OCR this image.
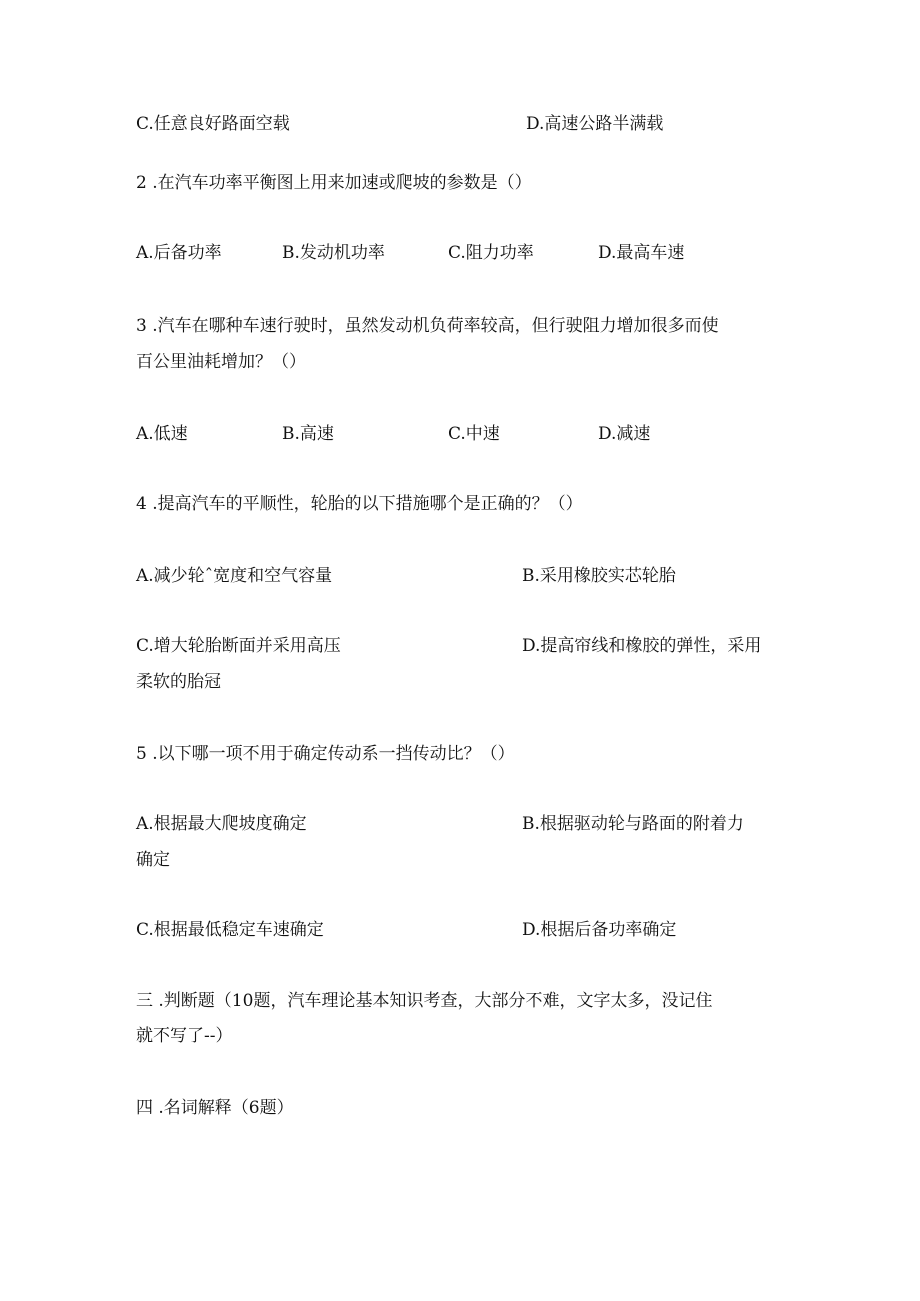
C.任意良好路面空载	D.高速公路半满载
2 .在汽车功率平衡图上用来加速或爬坡的参数是（）
A.后备功率	B.发动机功率	C.阻力功率	D.最高车速
3 .汽车在哪种车速行驶时，虽然发动机负荷率较高，但行驶阻力增加很多而使
百公里油耗增加？（）
A.低速	B.高速	C.中速	D.减速
4 .提高汽车的平顺性，轮胎的以下措施哪个是正确的？（）
A.减少轮ˆ宽度和空气容量	B.采用橡胶实芯轮胎
C.增大轮胎断面并采用高压	D.提高帘线和橡胶的弹性，采用
柔软的胎冠
5 .以下哪一项不用于确定传动系一挡传动比？（）
A.根据最大爬坡度确定	B.根据驱动轮与路面的附着力
确定
C.根据最低稳定车速确定	D.根据后备功率确定
三 .判断题（10题，汽车理论基本知识考查，大部分不难，文字太多，没记住
就不写了--）
四 .名词解释（6题）
